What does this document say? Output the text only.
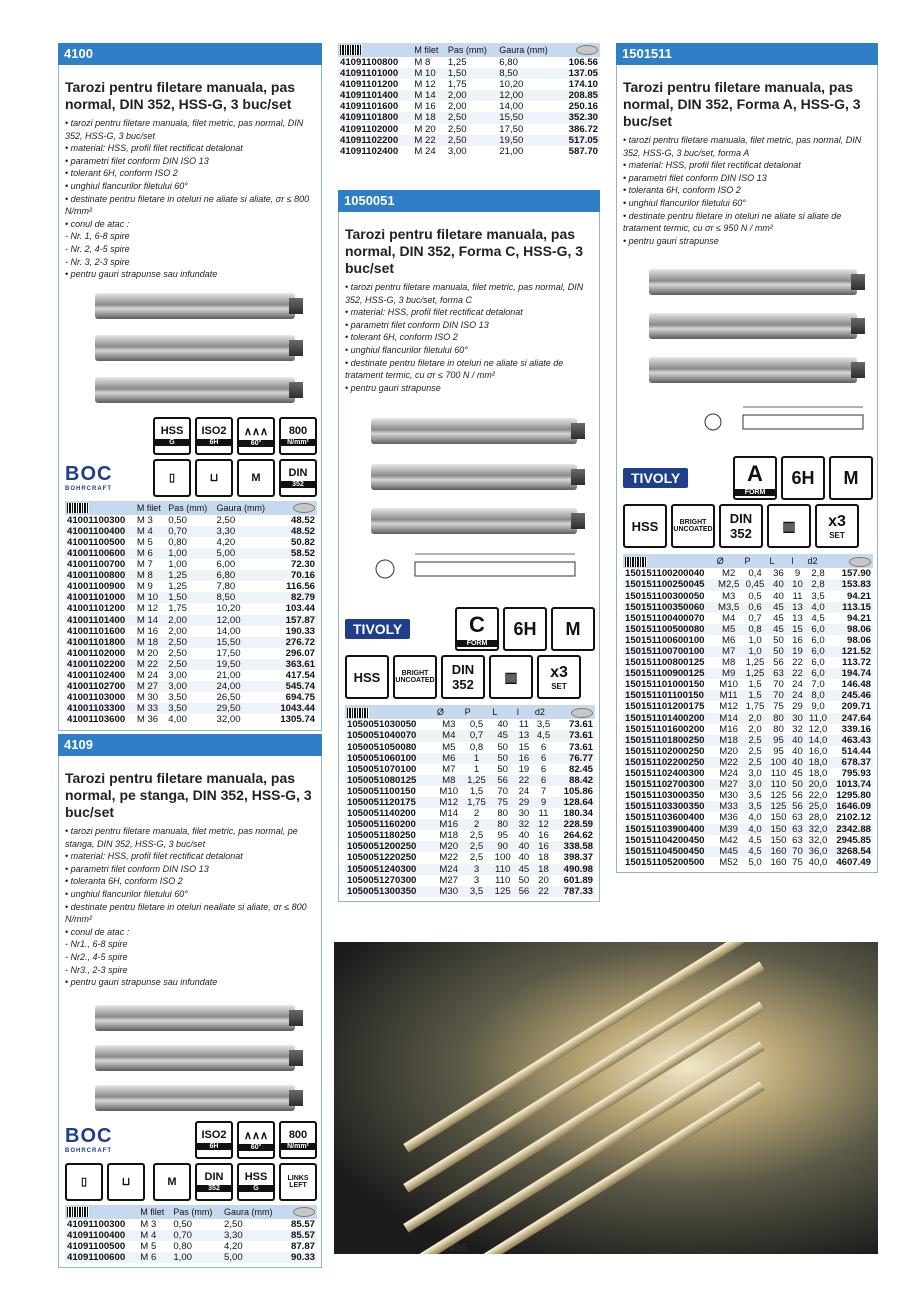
4100
Tarozi pentru filetare manuala, pas normal, DIN 352, HSS-G, 3 buc/set
• tarozi pentru filetare manuala, filet metric, pas normal, DIN 352, HSS-G, 3 buc/set
• material: HSS, profil filet rectificat detalonat
• parametri filet conform DIN ISO 13
• tolerant 6H, conform ISO 2
• unghiul flancurilor filetului 60°
• destinate pentru filetare in oteluri ne aliate si aliate, σr ≤ 800 N/mm²
• conul de atac :
- Nr. 1, 6-8 spire
- Nr. 2, 4-5 spire
- Nr. 3, 2-3 spire
• pentru gauri strapunse sau infundate
HSS
G
ISO2
6H
∧∧∧
60°
800
N/mm²
BOC
BOHRCRAFT
▯	⊔	M	DIN
352
	M filet	Pas (mm)	Gaura (mm)	
41001100300	M 3	0,50	2,50	48.52
41001100400	M 4	0,70	3,30	48.52
41001100500	M 5	0,80	4,20	50.82
41001100600	M 6	1,00	5,00	58.52
41001100700	M 7	1,00	6,00	72.30
41001100800	M 8	1,25	6,80	70.16
41001100900	M 9	1,25	7,80	116.56
41001101000	M 10	1,50	8,50	82.79
41001101200	M 12	1,75	10,20	103.44
41001101400	M 14	2,00	12,00	157.87
41001101600	M 16	2,00	14,00	190.33
41001101800	M 18	2,50	15,50	276.72
41001102000	M 20	2,50	17,50	296.07
41001102200	M 22	2,50	19,50	363.61
41001102400	M 24	3,00	21,00	417.54
41001102700	M 27	3,00	24,00	545.74
41001103000	M 30	3,50	26,50	694.75
41001103300	M 33	3,50	29,50	1043.44
41001103600	M 36	4,00	32,00	1305.74
4109
Tarozi pentru filetare manuala, pas normal, pe stanga, DIN 352, HSS-G, 3 buc/set
• tarozi pentru filetare manuala, filet metric, pas normal, pe stanga, DIN 352, HSS-G, 3 buc/set
• material: HSS, profil filet rectificat detalonat
• parametri filet conform DIN ISO 13
• toleranta 6H, conform ISO 2
• unghiul flancurilor filetului 60°
• destinate pentru filetare in oteluri nealiate si aliate, σr ≤ 800 N/mm²
• conul de atac :
- Nr1., 6-8 spire
- Nr2., 4-5 spire
- Nr3., 2-3 spire
• pentru gauri strapunse sau infundate
BOC
BOHRCRAFT
ISO2
6H
∧∧∧
60°
800
N/mm²
▯	⊔	M	DIN
352
HSS
G
LINKS
LEFT
	M filet	Pas (mm)	Gaura (mm)	
41091100300	M 3	0,50	2,50	85.57
41091100400	M 4	0,70	3,30	85.57
41091100500	M 5	0,80	4,20	87.87
41091100600	M 6	1,00	5,00	90.33
	M filet	Pas (mm)	Gaura (mm)	
41091100800	M 8	1,25	6,80	106.56
41091101000	M 10	1,50	8,50	137.05
41091101200	M 12	1,75	10,20	174.10
41091101400	M 14	2,00	12,00	208.85
41091101600	M 16	2,00	14,00	250.16
41091101800	M 18	2,50	15,50	352.30
41091102000	M 20	2,50	17,50	386.72
41091102200	M 22	2,50	19,50	517.05
41091102400	M 24	3,00	21,00	587.70
1050051
Tarozi pentru filetare manuala, pas normal, DIN 352, Forma C, HSS-G, 3 buc/set
• tarozi pentru filetare manuala, filet metric, pas normal, DIN 352, HSS-G, 3 buc/set, forma C
• material: HSS, profil filet rectificat detalonat
• parametri filet conform DIN ISO 13
• tolerant 6H, conform ISO 2
• unghiul flancurilor filetului 60°
• destinate pentru filetare in oteluri ne aliate si aliate de tratament termic, cu σr ≤ 700 N / mm²
• pentru gauri strapunse
TIVOLY	C
FORM
6H M
HSS	BRIGHT
UNCOATED
DIN
352	▥	x3
SET
	Ø	P	L	l	d2	
1050051030050	M3	0,5	40	11	3,5	73.61
1050051040070	M4	0,7	45	13	4,5	73.61
1050051050080	M5	0,8	50	15	6	73.61
1050051060100	M6	1	50	16	6	76.77
1050051070100	M7	1	50	19	6	82.45
1050051080125	M8	1,25	56	22	6	88.42
1050051100150	M10	1,5	70	24	7	105.86
1050051120175	M12	1,75	75	29	9	128.64
1050051140200	M14	2	80	30	11	180.34
1050051160200	M16	2	80	32	12	228.59
1050051180250	M18	2,5	95	40	16	264.62
1050051200250	M20	2,5	90	40	16	338.58
1050051220250	M22	2,5	100	40	18	398.37
1050051240300	M24	3	110	45	18	490.98
1050051270300	M27	3	110	50	20	601.89
1050051300350	M30	3,5	125	56	22	787.33
1501511
Tarozi pentru filetare manuala, pas normal, DIN 352, Forma A, HSS-G, 3 buc/set
• tarozi pentru filetare manuala, filet metric, pas normal, DIN 352, HSS-G, 3 buc/set, forma A
• material: HSS, profil filet rectificat detalonat
• parametri filet conform DIN ISO 13
• toleranta 6H, conform ISO 2
• unghiul flancurilor filetului 60°
• destinate pentru filetare in oteluri ne aliate si aliate de tratament termic, cu σr ≤ 950 N / mm²
• pentru gauri strapunse
TIVOLY	A
FORM
6H M
HSS	BRIGHT
UNCOATED
DIN
352	▥	x3
SET
	Ø	P	L	l	d2	
150151100200040	M2	0,4	36	9	2,8	157.90
150151100250045	M2,5	0,45	40	10	2,8	153.83
150151100300050	M3	0,5	40	11	3,5	94.21
150151100350060	M3,5	0,6	45	13	4,0	113.15
150151100400070	M4	0,7	45	13	4,5	94.21
150151100500080	M5	0,8	45	15	6,0	98.06
150151100600100	M6	1,0	50	16	6,0	98.06
150151100700100	M7	1,0	50	19	6,0	121.52
150151100800125	M8	1,25	56	22	6,0	113.72
150151100900125	M9	1,25	63	22	6,0	194.74
150151101000150	M10	1,5	70	24	7,0	146.48
150151101100150	M11	1,5	70	24	8,0	245.46
150151101200175	M12	1,75	75	29	9,0	209.71
150151101400200	M14	2,0	80	30	11,0	247.64
150151101600200	M16	2,0	80	32	12,0	339.16
150151101800250	M18	2,5	95	40	14,0	463.43
150151102000250	M20	2,5	95	40	16,0	514.44
150151102200250	M22	2,5	100	40	18,0	678.37
150151102400300	M24	3,0	110	45	18,0	795.93
150151102700300	M27	3,0	110	50	20,0	1013.74
150151103000350	M30	3,5	125	56	22,0	1295.80
150151103300350	M33	3,5	125	56	25,0	1646.09
150151103600400	M36	4,0	150	63	28,0	2102.12
150151103900400	M39	4,0	150	63	32,0	2342.88
150151104200450	M42	4,5	150	63	32,0	2945.85
150151104500450	M45	4,5	160	70	36,0	3268.54
150151105200500	M52	5,0	160	75	40,0	4607.49
435
